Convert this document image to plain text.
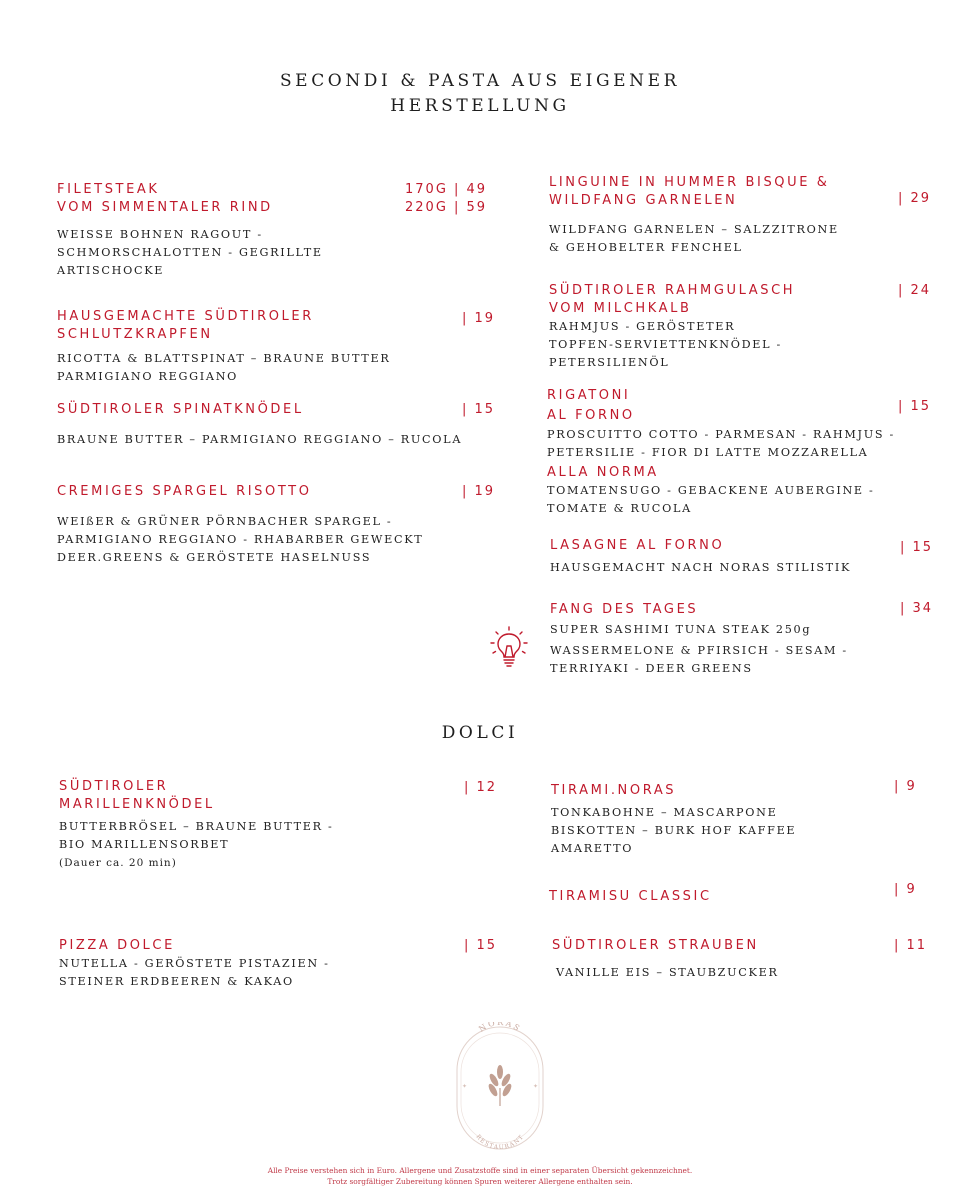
SECONDI & PASTA AUS EIGENER
HERSTELLUNG
DOLCI
FILETSTEAK
VOM SIMMENTALER RIND
WEISSE BOHNEN RAGOUT -
SCHMORSCHALOTTEN - GEGRILLTE
ARTISCHOCKE
170G | 49
220G | 59
HAUSGEMACHTE SÜDTIROLER
SCHLUTZKRAPFEN
RICOTTA & BLATTSPINAT – BRAUNE BUTTER
PARMIGIANO REGGIANO
| 19
SÜDTIROLER SPINATKNÖDEL
BRAUNE BUTTER – PARMIGIANO REGGIANO – RUCOLA
| 15
CREMIGES SPARGEL RISOTTO
WEIßER & GRÜNER PÖRNBACHER SPARGEL -
PARMIGIANO REGGIANO - RHABARBER GEWECKT
DEER.GREENS & GERÖSTETE HASELNUSS
| 19
LINGUINE IN HUMMER BISQUE &
WILDFANG GARNELEN
WILDFANG GARNELEN – SALZZITRONE
& GEHOBELTER FENCHEL
| 29
SÜDTIROLER RAHMGULASCH
VOM MILCHKALB
RAHMJUS - GERÖSTETER
TOPFEN-SERVIETTENKNÖDEL -
PETERSILIENÖL
| 24
RIGATONI
AL FORNO
PROSCUITTO COTTO - PARMESAN - RAHMJUS -
PETERSILIE - FIOR DI LATTE MOZZARELLA
ALLA NORMA
TOMATENSUGO - GEBACKENE AUBERGINE -
TOMATE & RUCOLA
| 15
LASAGNE AL FORNO
HAUSGEMACHT NACH NORAS STILISTIK
| 15
FANG DES TAGES
SUPER SASHIMI TUNA STEAK 250g
WASSERMELONE & PFIRSICH - SESAM -
TERRIYAKI - DEER GREENS
| 34
SÜDTIROLER
MARILLENKNÖDEL
BUTTERBRÖSEL – BRAUNE BUTTER -
BIO MARILLENSORBET
(Dauer ca. 20 min)
| 12
PIZZA DOLCE
NUTELLA - GERÖSTETE PISTAZIEN -
STEINER ERDBEEREN & KAKAO
| 15
TIRAMI.NORAS
TONKABOHNE – MASCARPONE
BISKOTTEN – BURK HOF KAFFEE
AMARETTO
| 9
TIRAMISU CLASSIC	| 9
SÜDTIROLER STRAUBEN
VANILLE EIS – STAUBZUCKER
| 11
NORAS
RESTAURANT
✦	✦
Alle Preise verstehen sich in Euro. Allergene und Zusatzstoffe sind in einer separaten Übersicht gekennzeichnet.
Trotz sorgfältiger Zubereitung können Spuren weiterer Allergene enthalten sein.
